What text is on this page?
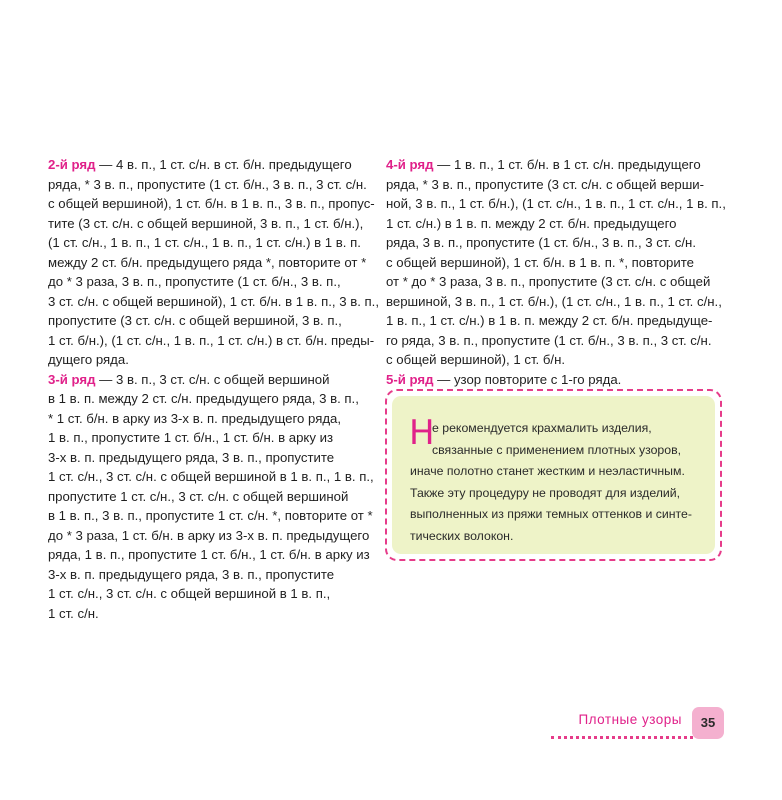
2-й ряд — 4 в. п., 1 ст. с/н. в ст. б/н. предыдущего
ряда, * 3 в. п., пропустите (1 ст. б/н., 3 в. п., 3 ст. с/н.
с общей вершиной), 1 ст. б/н. в 1 в. п., 3 в. п., пропус-
тите (3 ст. с/н. с общей вершиной, 3 в. п., 1 ст. б/н.),
(1 ст. с/н., 1 в. п., 1 ст. с/н., 1 в. п., 1 ст. с/н.) в 1 в. п.
между 2 ст. б/н. предыдущего ряда *, повторите от *
до * 3 раза, 3 в. п., пропустите (1 ст. б/н., 3 в. п.,
3 ст. с/н. с общей вершиной), 1 ст. б/н. в 1 в. п., 3 в. п.,
пропустите (3 ст. с/н. с общей вершиной, 3 в. п.,
1 ст. б/н.), (1 ст. с/н., 1 в. п., 1 ст. с/н.) в ст. б/н. преды-
дущего ряда.

3-й ряд — 3 в. п., 3 ст. с/н. с общей вершиной
в 1 в. п. между 2 ст. с/н. предыдущего ряда, 3 в. п.,
* 1 ст. б/н. в арку из 3-х в. п. предыдущего ряда,
1 в. п., пропустите 1 ст. б/н., 1 ст. б/н. в арку из
3-х в. п. предыдущего ряда, 3 в. п., пропустите
1 ст. с/н., 3 ст. с/н. с общей вершиной в 1 в. п., 1 в. п.,
пропустите 1 ст. с/н., 3 ст. с/н. с общей вершиной
в 1 в. п., 3 в. п., пропустите 1 ст. с/н. *, повторите от *
до * 3 раза, 1 ст. б/н. в арку из 3-х в. п. предыдущего
ряда, 1 в. п., пропустите 1 ст. б/н., 1 ст. б/н. в арку из
3-х в. п. предыдущего ряда, 3 в. п., пропустите
1 ст. с/н., 3 ст. с/н. с общей вершиной в 1 в. п.,
1 ст. с/н.

4-й ряд — 1 в. п., 1 ст. б/н. в 1 ст. с/н. предыдущего
ряда, * 3 в. п., пропустите (3 ст. с/н. с общей верши-
ной, 3 в. п., 1 ст. б/н.), (1 ст. с/н., 1 в. п., 1 ст. с/н., 1 в. п.,
1 ст. с/н.) в 1 в. п. между 2 ст. б/н. предыдущего
ряда, 3 в. п., пропустите (1 ст. б/н., 3 в. п., 3 ст. с/н.
с общей вершиной), 1 ст. б/н. в 1 в. п. *, повторите
от * до * 3 раза, 3 в. п., пропустите (3 ст. с/н. с общей
вершиной, 3 в. п., 1 ст. б/н.), (1 ст. с/н., 1 в. п., 1 ст. с/н.,
1 в. п., 1 ст. с/н.) в 1 в. п. между 2 ст. б/н. предыдуще-
го ряда, 3 в. п., пропустите (1 ст. б/н., 3 в. п., 3 ст. с/н.
с общей вершиной), 1 ст. б/н.

5-й ряд — узор повторите с 1-го ряда.

Н
е рекомендуется крахмалить изделия,
связанные с применением плотных узоров,
иначе полотно станет жестким и неэластичным.
Также эту процедуру не проводят для изделий,
выполненных из пряжи темных оттенков и синте-
тических волокон.
Плотные узоры	35
